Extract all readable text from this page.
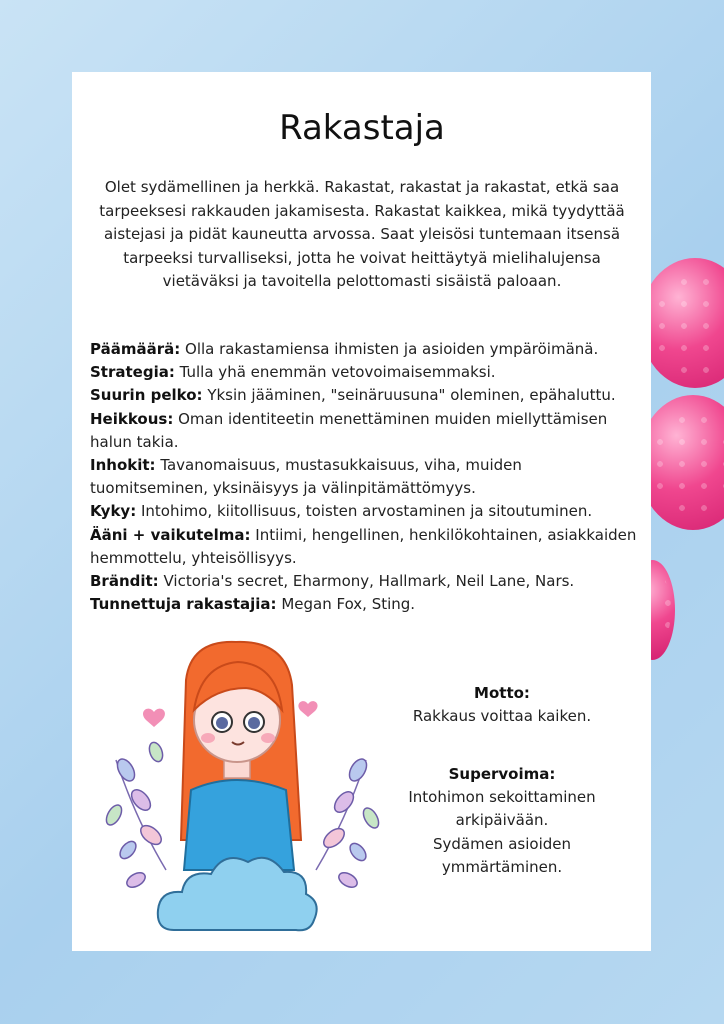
Rakastaja

Olet sydämellinen ja herkkä. Rakastat, rakastat ja rakastat, etkä saa tarpeeksesi rakkauden jakamisesta. Rakastat kaikkea, mikä tyydyttää aistejasi ja pidät kauneutta arvossa. Saat yleisösi tuntemaan itsensä tarpeeksi turvalliseksi, jotta he voivat heittäytyä mielihalujensa vietäväksi ja tavoitella pelottomasti sisäistä paloaan.

Päämäärä: Olla rakastamiensa ihmisten ja asioiden ympäröimänä.

Strategia: Tulla yhä enemmän vetovoimaisemmaksi.

Suurin pelko: Yksin jääminen, "seinäruusuna" oleminen, epähaluttu.

Heikkous: Oman identiteetin menettäminen muiden miellyttämisen halun takia.

Inhokit: Tavanomaisuus, mustasukkaisuus, viha, muiden tuomitseminen, yksinäisyys ja välinpitämättömyys.

Kyky: Intohimo, kiitollisuus, toisten arvostaminen ja sitoutuminen.

Ääni + vaikutelma: Intiimi, hengellinen, henkilökohtainen, asiakkaiden hemmottelu, yhteisöllisyys.

Brändit: Victoria's secret, Eharmony, Hallmark, Neil Lane, Nars.

Tunnettuja rakastajia: Megan Fox, Sting.

Motto:
Rakkaus voittaa kaiken.
Supervoima:
Intohimon sekoittaminen
arkipäivään.
Sydämen asioiden
ymmärtäminen.
